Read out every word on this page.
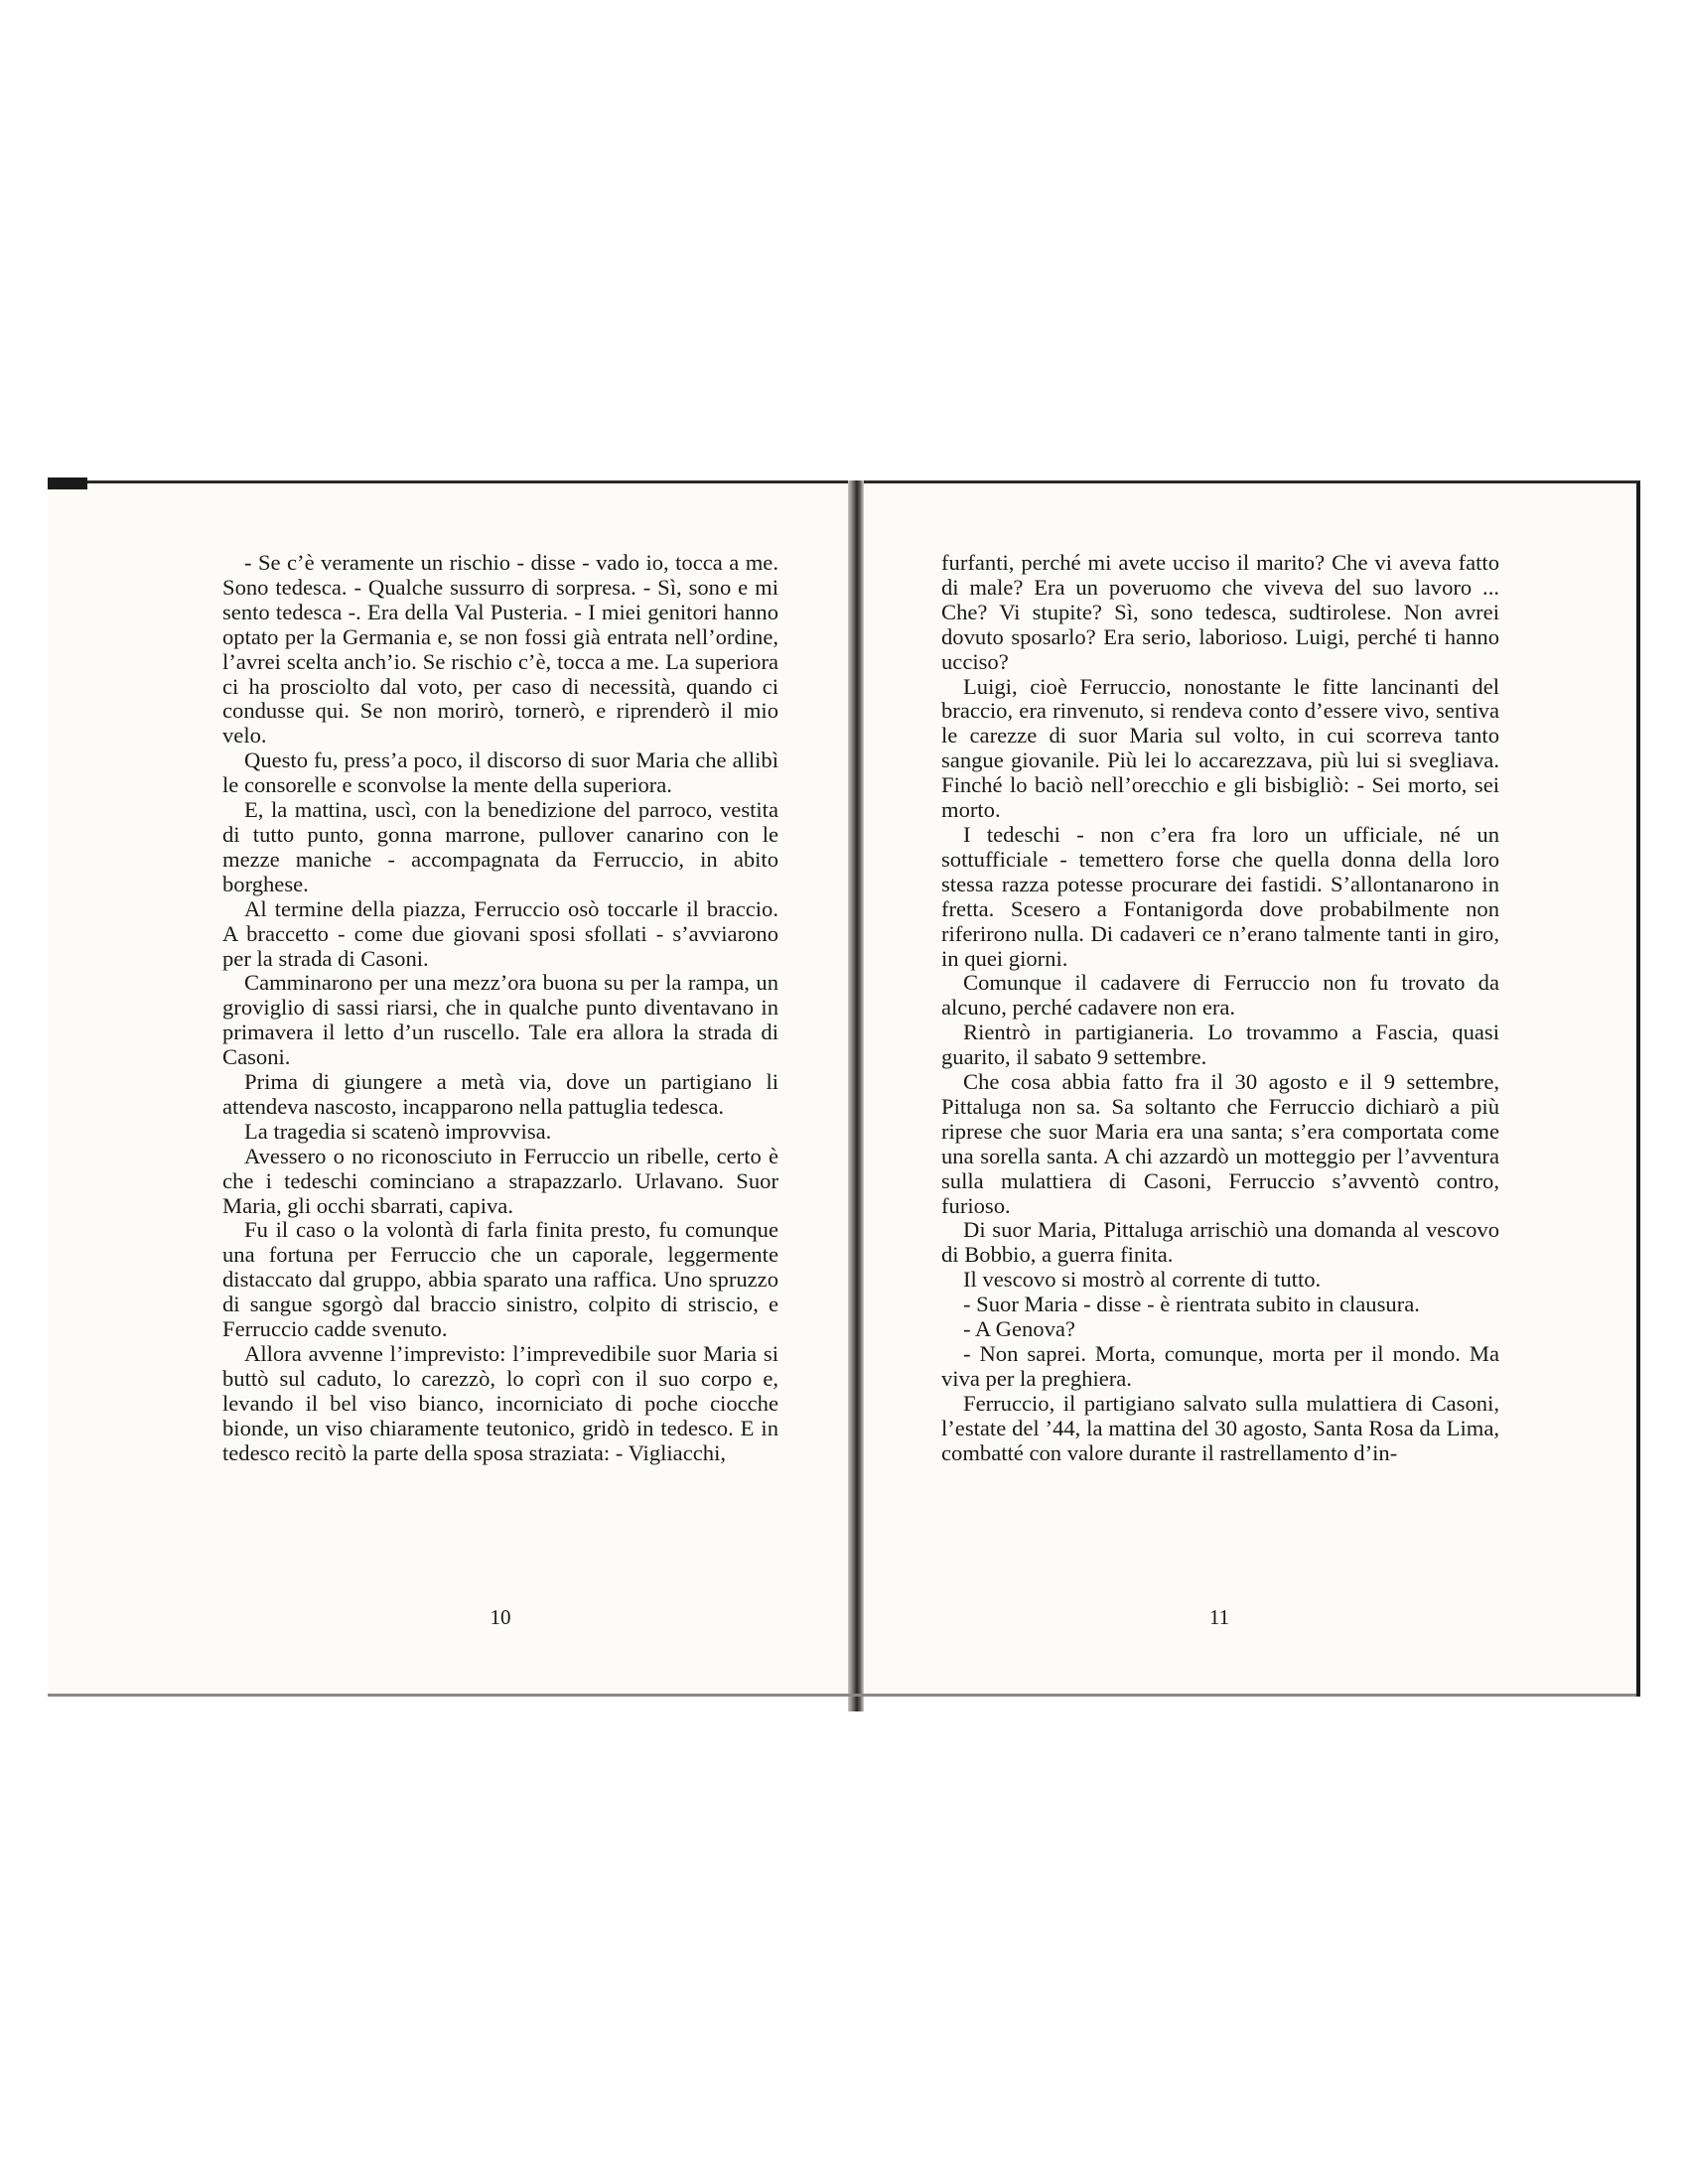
- Se c’è veramente un rischio - disse - vado io, tocca a me. Sono tedesca. - Qualche sussurro di sorpresa. - Sì, sono e mi sento tedesca -. Era della Val Pusteria. - I miei genitori hanno optato per la Germania e, se non fossi già entrata nell’ordine, l’avrei scelta anch’io. Se rischio c’è, tocca a me. La superiora ci ha prosciolto dal voto, per caso di necessità, quando ci condusse qui. Se non morirò, tornerò, e riprenderò il mio velo.

Questo fu, press’a poco, il discorso di suor Maria che allibì le consorelle e sconvolse la mente della superiora.

E, la mattina, uscì, con la benedizione del parroco, vestita di tutto punto, gonna marrone, pullover canarino con le mezze maniche - accompagnata da Ferruccio, in abito borghese.

Al termine della piazza, Ferruccio osò toccarle il braccio. A braccetto - come due giovani sposi sfollati - s’avviarono per la strada di Casoni.

Camminarono per una mezz’ora buona su per la rampa, un groviglio di sassi riarsi, che in qualche punto diventavano in primavera il letto d’un ruscello. Tale era allora la strada di Casoni.

Prima di giungere a metà via, dove un partigiano li attendeva nascosto, incapparono nella pattuglia tedesca.

La tragedia si scatenò improvvisa.

Avessero o no riconosciuto in Ferruccio un ribelle, certo è che i tedeschi cominciano a strapazzarlo. Urlavano. Suor Maria, gli occhi sbarrati, capiva.

Fu il caso o la volontà di farla finita presto, fu comunque una fortuna per Ferruccio che un caporale, leggermente distaccato dal gruppo, abbia sparato una raffica. Uno spruzzo di sangue sgorgò dal braccio sinistro, colpito di striscio, e Ferruccio cadde svenuto.

Allora avvenne l’imprevisto: l’imprevedibile suor Maria si buttò sul caduto, lo carezzò, lo coprì con il suo corpo e, levando il bel viso bianco, incorniciato di poche ciocche bionde, un viso chiaramente teutonico, gridò in tedesco. E in tedesco recitò la parte della sposa straziata: - Vigliacchi,

10

furfanti, perché mi avete ucciso il marito? Che vi aveva fatto di male? Era un poveruomo che viveva del suo lavoro ... Che? Vi stupite? Sì, sono tedesca, sudtirolese. Non avrei dovuto sposarlo? Era serio, laborioso. Luigi, perché ti hanno ucciso?

Luigi, cioè Ferruccio, nonostante le fitte lancinanti del braccio, era rinvenuto, si rendeva conto d’essere vivo, sentiva le carezze di suor Maria sul volto, in cui scorreva tanto sangue giovanile. Più lei lo accarezzava, più lui si svegliava. Finché lo baciò nell’orecchio e gli bisbigliò: - Sei morto, sei morto.

I tedeschi - non c’era fra loro un ufficiale, né un sottufficiale - temettero forse che quella donna della loro stessa razza potesse procurare dei fastidi. S’allontanarono in fretta. Scesero a Fontanigorda dove probabilmente non riferirono nulla. Di cadaveri ce n’erano talmente tanti in giro, in quei giorni.

Comunque il cadavere di Ferruccio non fu trovato da alcuno, perché cadavere non era.

Rientrò in partigianeria. Lo trovammo a Fascia, quasi guarito, il sabato 9 settembre.

Che cosa abbia fatto fra il 30 agosto e il 9 settembre, Pittaluga non sa. Sa soltanto che Ferruccio dichiarò a più riprese che suor Maria era una santa; s’era comportata come una sorella santa. A chi azzardò un motteggio per l’avventura sulla mulattiera di Casoni, Ferruccio s’avventò contro, furioso.

Di suor Maria, Pittaluga arrischiò una domanda al vescovo di Bobbio, a guerra finita.

Il vescovo si mostrò al corrente di tutto.

- Suor Maria - disse - è rientrata subito in clausura.

- A Genova?

- Non saprei. Morta, comunque, morta per il mondo. Ma viva per la preghiera.

Ferruccio, il partigiano salvato sulla mulattiera di Casoni, l’estate del ’44, la mattina del 30 agosto, Santa Rosa da Lima, combatté con valore durante il rastrellamento d’in-

11
